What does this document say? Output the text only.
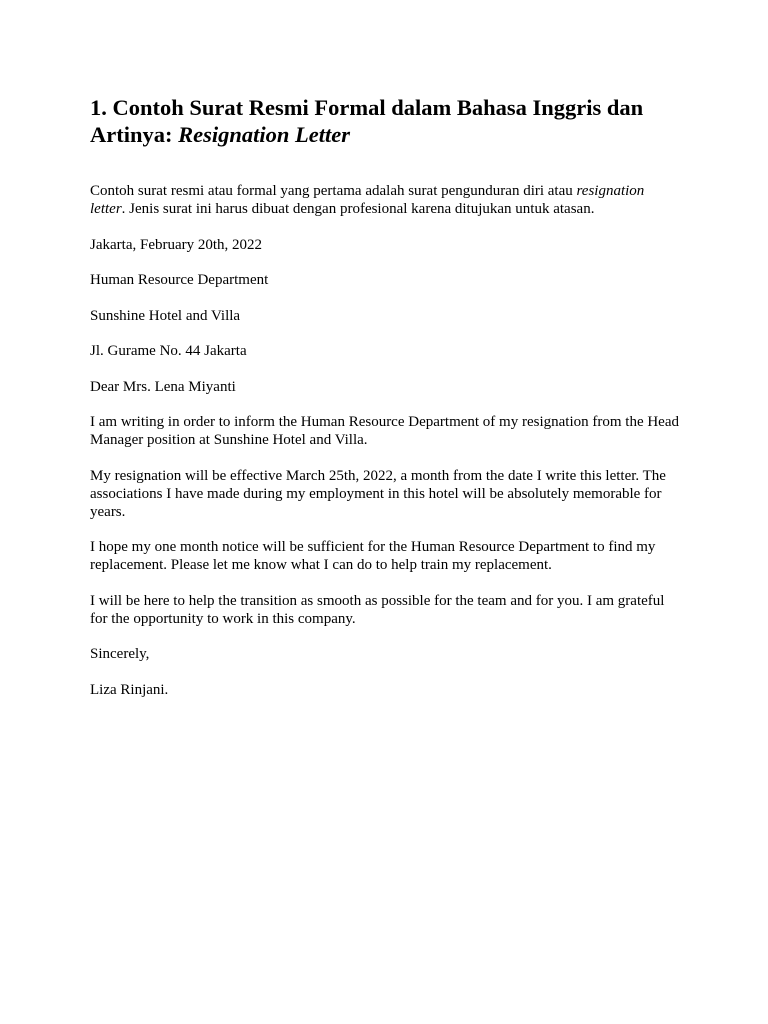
1. Contoh Surat Resmi Formal dalam Bahasa Inggris dan Artinya: Resignation Letter

Contoh surat resmi atau formal yang pertama adalah surat pengunduran diri atau resignation letter. Jenis surat ini harus dibuat dengan profesional karena ditujukan untuk atasan.

Jakarta, February 20th, 2022

Human Resource Department

Sunshine Hotel and Villa

Jl. Gurame No. 44 Jakarta

Dear Mrs. Lena Miyanti

I am writing in order to inform the Human Resource Department of my resignation from the Head Manager position at Sunshine Hotel and Villa.

My resignation will be effective March 25th, 2022, a month from the date I write this letter. The associations I have made during my employment in this hotel will be absolutely memorable for years.

I hope my one month notice will be sufficient for the Human Resource Department to find my replacement. Please let me know what I can do to help train my replacement.

I will be here to help the transition as smooth as possible for the team and for you. I am grateful for the opportunity to work in this company.

Sincerely,

Liza Rinjani.
